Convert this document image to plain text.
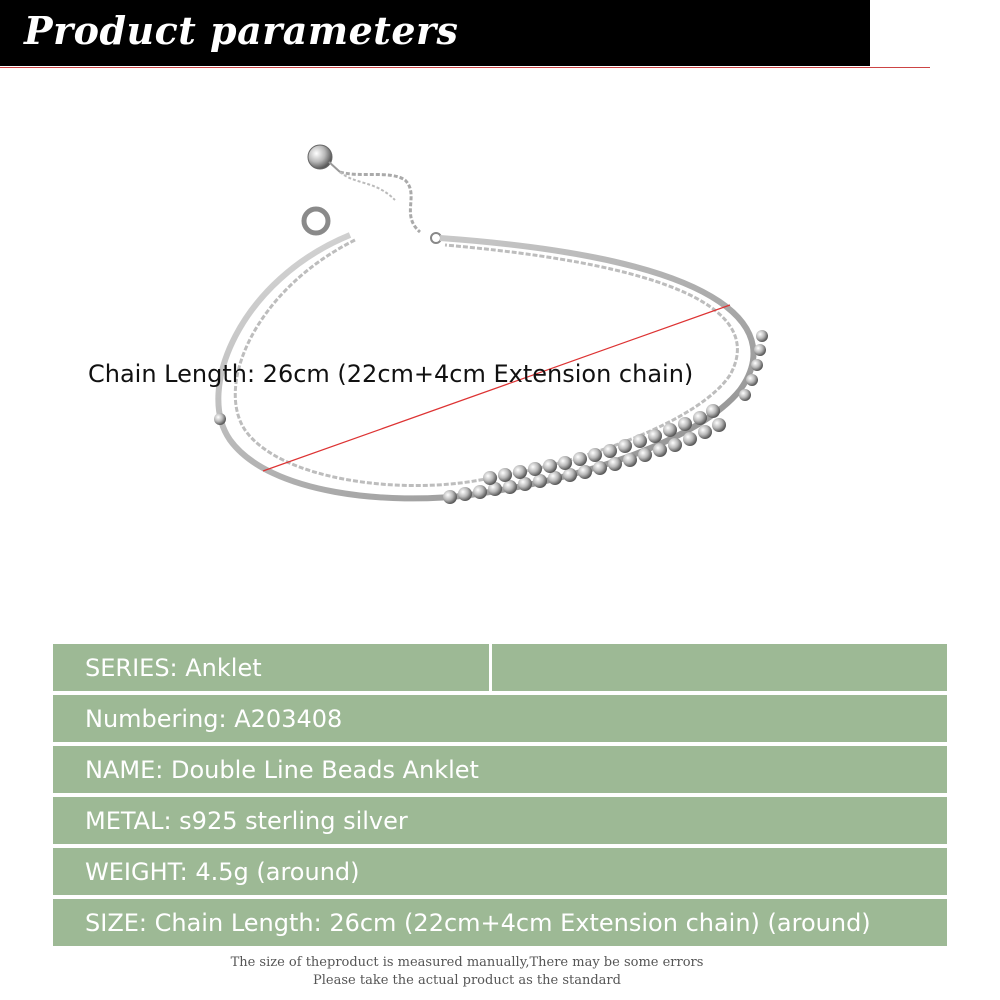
Product parameters
Chain Length: 26cm (22cm+4cm Extension chain)
SERIES: Anklet
Numbering: A203408
NAME: Double Line Beads Anklet
METAL: s925 sterling silver
WEIGHT: 4.5g (around)
SIZE: Chain Length: 26cm (22cm+4cm Extension chain) (around)
The size of theproduct is measured manually,There may be some errors
Please take the actual product as the standard
